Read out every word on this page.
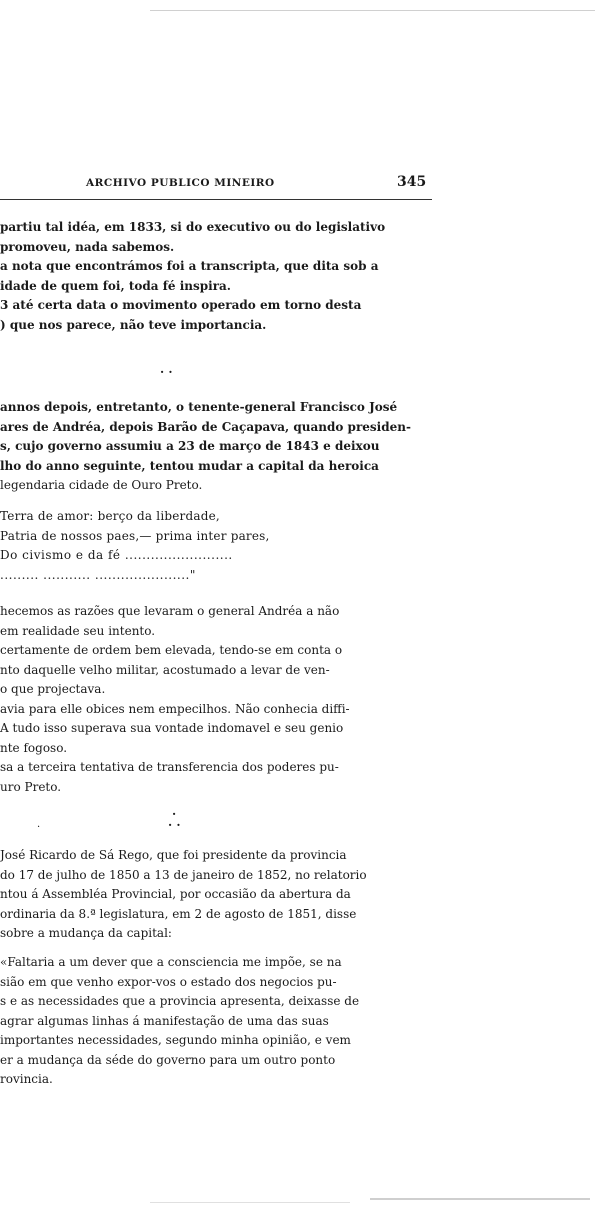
ARCHIVO PUBLICO MINEIRO	345
partiu tal idéa, em 1833, si do executivo ou do legislativo
promoveu, nada sabemos.
a nota que encontrámos foi a transcripta, que dita sob a
idade de quem foi, toda fé inspira.
3 até certa data o movimento operado em torno desta
) que nos parece, não teve importancia.
. .
annos depois, entretanto, o tenente-general Francisco José
ares de Andréa, depois Barão de Caçapava, quando presiden-
s, cujo governo assumiu a 23 de março de 1843 e deixou
lho do anno seguinte, tentou mudar a capital da heroica
legendaria cidade de Ouro Preto.
Terra de amor: berço da liberdade,
Patria de nossos paes,— prima inter pares,
Do civismo e da fé .........................
......... ........... ......................"
hecemos as razões que levaram o general Andréa a não
em realidade seu intento.
certamente de ordem bem elevada, tendo-se em conta o
nto daquelle velho militar, acostumado a levar de ven-
o que projectava.
avia para elle obices nem empecilhos. Não conhecia diffi-
A tudo isso superava sua vontade indomavel e seu genio
nte fogoso.
sa a terceira tentativa de transferencia dos poderes pu-
uro Preto.
.
. .
·
José Ricardo de Sá Rego, que foi presidente da provincia
do 17 de julho de 1850 a 13 de janeiro de 1852, no relatorio
ntou á Assembléa Provincial, por occasião da abertura da
ordinaria da 8.ª legislatura, em 2 de agosto de 1851, disse
sobre a mudança da capital:
«Faltaria a um dever que a consciencia me impõe, se na
sião em que venho expor-vos o estado dos negocios pu-
s e as necessidades que a provincia apresenta, deixasse de
agrar algumas linhas á manifestação de uma das suas
importantes necessidades, segundo minha opinião, e vem
er a mudança da séde do governo para um outro ponto
rovincia.
